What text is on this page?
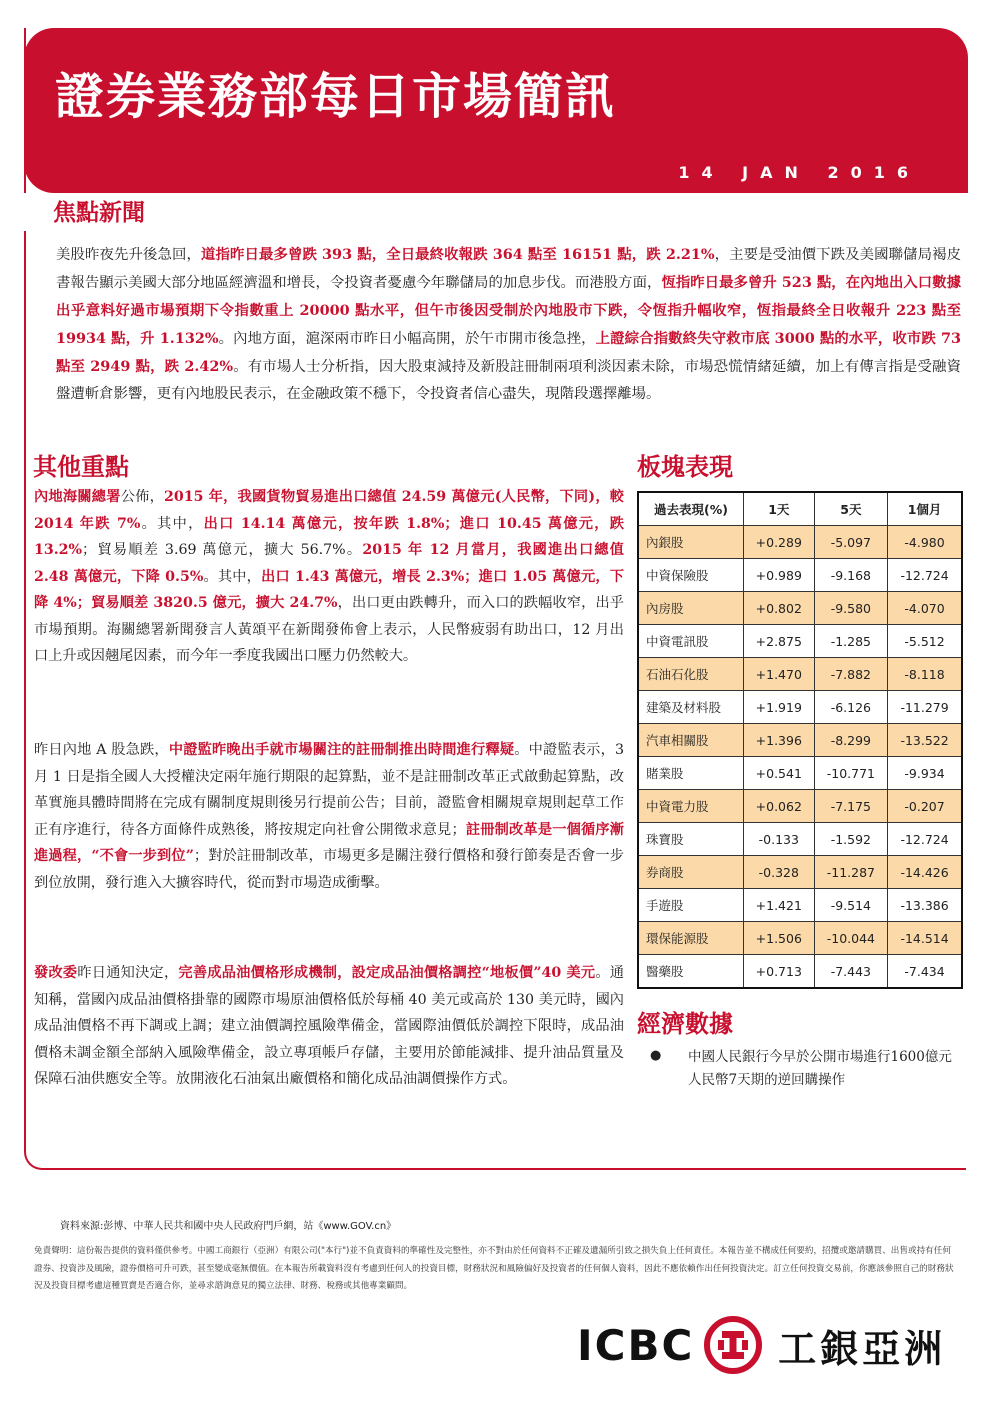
證券業務部每日市場簡訊
14 JAN 2016
焦點新聞

美股昨夜先升後急回，道指昨日最多曾跌 393 點，全日最終收報跌 364 點至 16151 點，跌 2.21%，主要是受油價下跌及美國聯儲局褐皮書報告顯示美國大部分地區經濟溫和增長，令投資者憂慮今年聯儲局的加息步伐。而港股方面，恆指昨日最多曾升 523 點，在內地出入口數據出乎意料好過市場預期下令指數重上 20000 點水平，但午市後因受制於內地股市下跌，令恆指升幅收窄，恆指最終全日收報升 223 點至 19934 點，升 1.132%。內地方面，滬深兩市昨日小幅高開，於午市開市後急挫，上證綜合指數終失守救市底 3000 點的水平，收市跌 73 點至 2949 點，跌 2.42%。有市場人士分析指，因大股東減持及新股註冊制兩項利淡因素未除，市場恐慌情緒延續，加上有傳言指是受融資盤遭斬倉影響，更有內地股民表示，在金融政策不穩下，令投資者信心盡失，現階段選擇離場。

其他重點

內地海關總署公佈，2015 年，我國貨物貿易進出口總值 24.59 萬億元(人民幣，下同)，較 2014 年跌 7%。其中，出口 14.14 萬億元，按年跌 1.8%；進口 10.45 萬億元，跌 13.2%；貿易順差 3.69 萬億元，擴大 56.7%。2015 年 12 月當月，我國進出口總值 2.48 萬億元，下降 0.5%。其中，出口 1.43 萬億元，增長 2.3%；進口 1.05 萬億元，下降 4%；貿易順差 3820.5 億元，擴大 24.7%，出口更由跌轉升，而入口的跌幅收窄，出乎市場預期。海關總署新聞發言人黃頌平在新聞發佈會上表示，人民幣疲弱有助出口，12 月出口上升或因翹尾因素，而今年一季度我國出口壓力仍然較大。

昨日內地 A 股急跌，中證監昨晚出手就市場關注的註冊制推出時間進行釋疑。中證監表示，3 月 1 日是指全國人大授權決定兩年施行期限的起算點，並不是註冊制改革正式啟動起算點，改革實施具體時間將在完成有關制度規則後另行提前公告；目前，證監會相關規章規則起草工作正有序進行，待各方面條件成熟後，將按規定向社會公開徵求意見；註冊制改革是一個循序漸進過程，“不會一步到位”；對於註冊制改革，市場更多是關注發行價格和發行節奏是否會一步到位放開，發行進入大擴容時代，從而對市場造成衝擊。

發改委昨日通知決定，完善成品油價格形成機制，設定成品油價格調控“地板價”40 美元。通知稱，當國內成品油價格掛靠的國際市場原油價格低於每桶 40 美元或高於 130 美元時，國內成品油價格不再下調或上調；建立油價調控風險準備金，當國際油價低於調控下限時，成品油價格未調金額全部納入風險準備金，設立專項帳戶存儲，主要用於節能減排、提升油品質量及保障石油供應安全等。放開液化石油氣出廠價格和簡化成品油調價操作方式。

板塊表現
過去表現(%)	1天	5天	1個月
內銀股	+0.289	-5.097	-4.980
中資保險股	+0.989	-9.168	-12.724
內房股	+0.802	-9.580	-4.070
中資電訊股	+2.875	-1.285	-5.512
石油石化股	+1.470	-7.882	-8.118
建築及材料股	+1.919	-6.126	-11.279
汽車相關股	+1.396	-8.299	-13.522
賭業股	+0.541	-10.771	-9.934
中資電力股	+0.062	-7.175	-0.207
珠寶股	-0.133	-1.592	-12.724
券商股	-0.328	-11.287	-14.426
手遊股	+1.421	-9.514	-13.386
環保能源股	+1.506	-10.044	-14.514
醫藥股	+0.713	-7.443	-7.434
經濟數據
● 中國人民銀行今早於公開市場進行1600億元人民幣7天期的逆回購操作

資料來源:彭博、中華人民共和國中央人民政府門戶網，站《www.GOV.cn》

免責聲明：這份報告提供的資料僅供參考。中國工商銀行（亞洲）有限公司("本行")並不負責資料的準確性及完整性，亦不對由於任何資料不正確及遺漏所引致之損失負上任何責任。本報告並不構成任何要約，招攬或邀請購買、出售或持有任何證券、投資涉及風險，證券價格可升可跌，甚至變成毫無價值。在本報告所載資料沒有考慮到任何人的投資目標，財務狀況和風險偏好及投資者的任何個人資料，因此不應依賴作出任何投資決定。訂立任何投資交易前，你應該參照自己的財務狀況及投資目標考慮這種買賣是否適合你，並尋求諮詢意見的獨立法律、財務、稅務或其他專業顧問。

ICBC 工銀亞洲
